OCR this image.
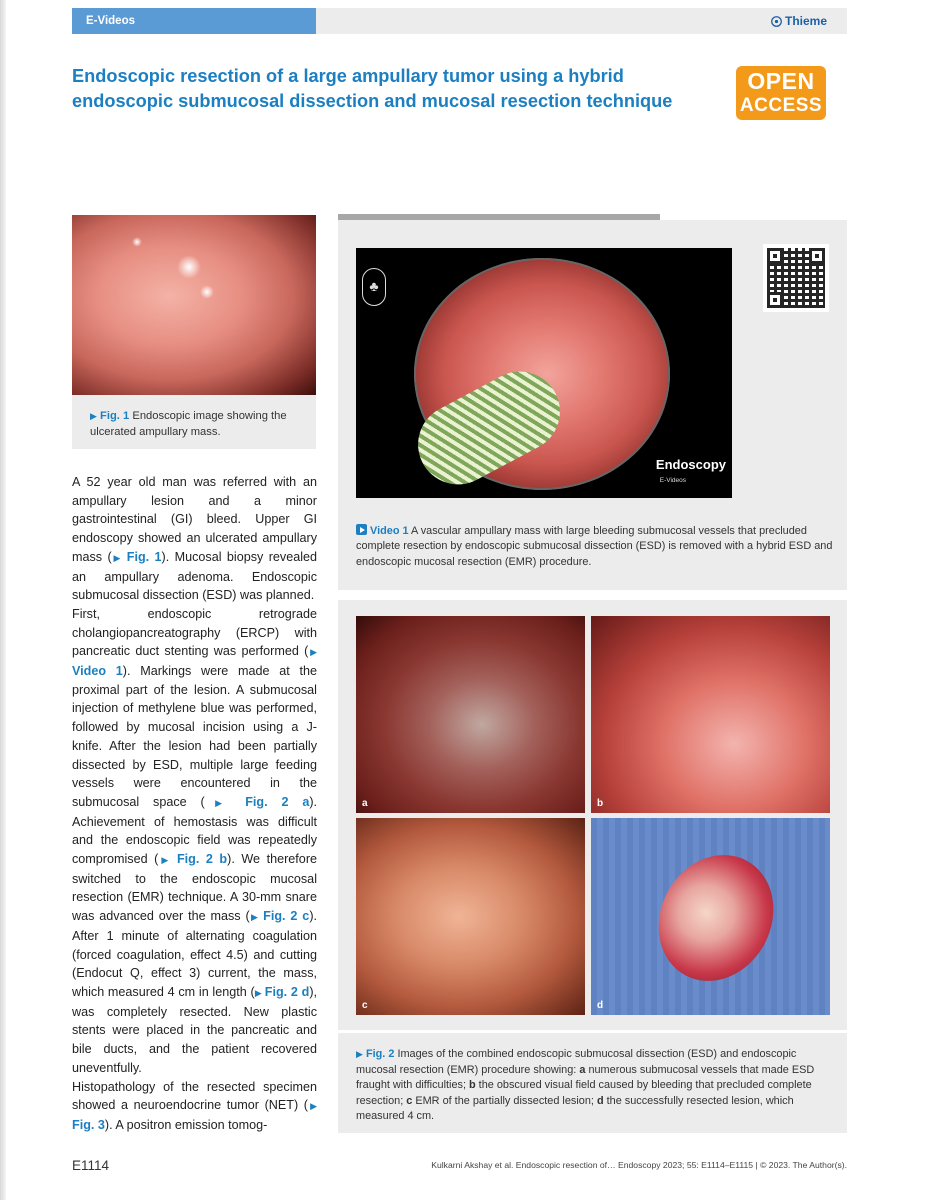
E-Videos	Thieme
Endoscopic resection of a large ampullary tumor using a hybrid endoscopic submucosal dissection and mucosal resection technique
OPEN
ACCESS
▶ Fig. 1 Endoscopic image showing the ulcerated ampullary mass.

A 52 year old man was referred with an ampullary lesion and a minor gastrointestinal (GI) bleed. Upper GI endoscopy showed an ulcerated ampullary mass (▶ Fig. 1). Mucosal biopsy revealed an ampullary adenoma. Endoscopic submucosal dissection (ESD) was planned.

First, endoscopic retrograde cholangiopancreatography (ERCP) with pancreatic duct stenting was performed (▶ Video 1). Markings were made at the proximal part of the lesion. A submucosal injection of methylene blue was performed, followed by mucosal incision using a J-knife. After the lesion had been partially dissected by ESD, multiple large feeding vessels were encountered in the submucosal space (▶ Fig. 2 a). Achievement of hemostasis was difficult and the endoscopic field was repeatedly compromised (▶ Fig. 2 b). We therefore switched to the endoscopic mucosal resection (EMR) technique. A 30-mm snare was advanced over the mass (▶ Fig. 2 c). After 1 minute of alternating coagulation (forced coagulation, effect 4.5) and cutting (Endocut Q, effect 3) current, the mass, which measured 4 cm in length (▶ Fig. 2 d), was completely resected. New plastic stents were placed in the pancreatic and bile ducts, and the patient recovered uneventfully.

Histopathology of the resected specimen showed a neuroendocrine tumor (NET) (▶ Fig. 3). A positron emission tomog-

♣
Endoscopy
E-Videos
Video 1 A vascular ampullary mass with large bleeding submucosal vessels that precluded complete resection by endoscopic submucosal dissection (ESD) is removed with a hybrid ESD and endoscopic mucosal resection (EMR) procedure.
a	b
c	d
▶ Fig. 2 Images of the combined endoscopic submucosal dissection (ESD) and endoscopic mucosal resection (EMR) procedure showing: a numerous submucosal vessels that made ESD fraught with difficulties; b the obscured visual field caused by bleeding that precluded complete resection; c EMR of the partially dissected lesion; d the successfully resected lesion, which measured 4 cm.
E1114	Kulkarni Akshay et al. Endoscopic resection of… Endoscopy 2023; 55: E1114–E1115 | © 2023. The Author(s).
